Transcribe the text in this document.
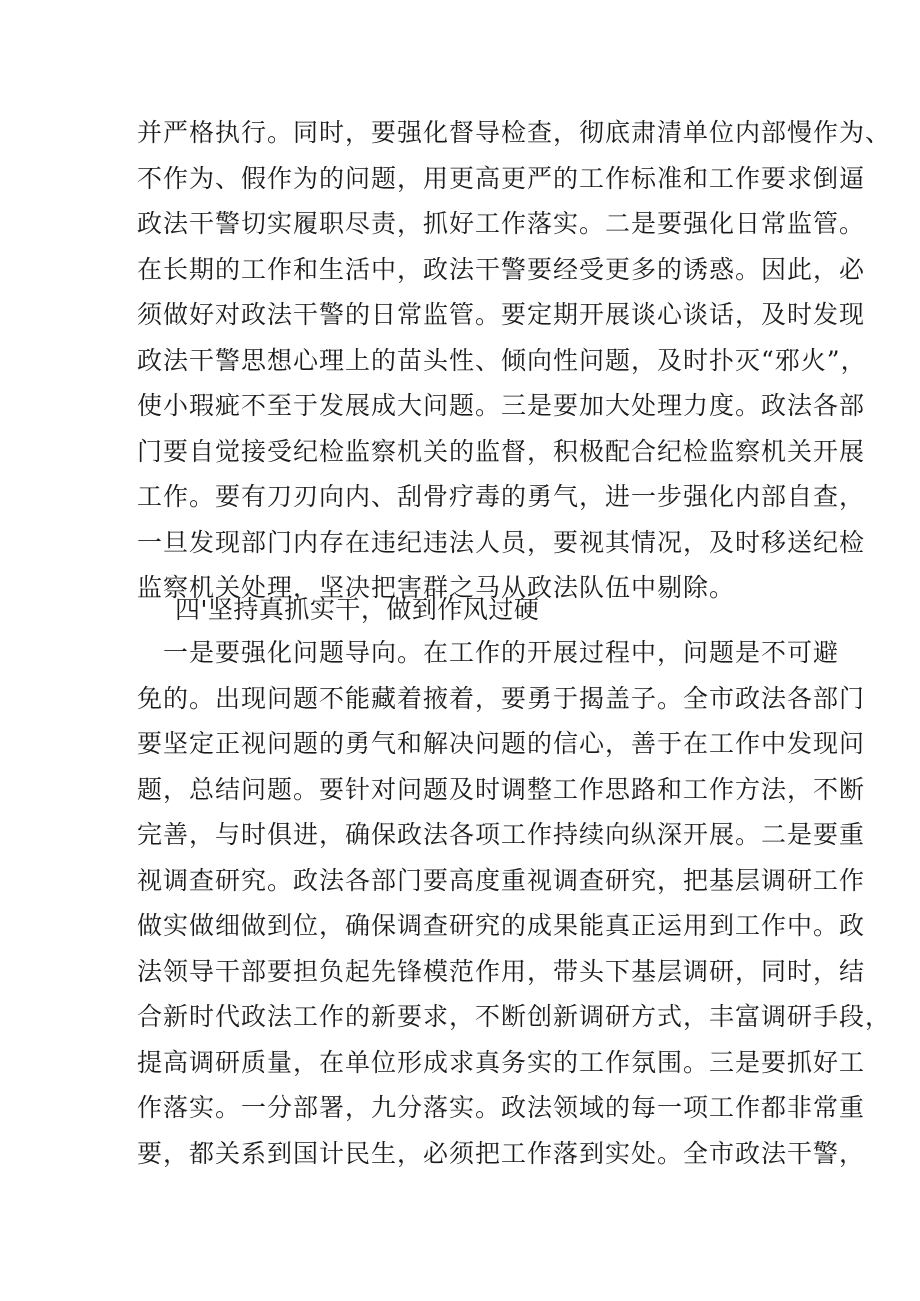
并严格执行。同时，要强化督导检查，彻底肃清单位内部慢作为、
不作为、假作为的问题，用更高更严的工作标准和工作要求倒逼
政法干警切实履职尽责，抓好工作落实。二是要强化日常监管。
在长期的工作和生活中，政法干警要经受更多的诱惑。因此，必
须做好对政法干警的日常监管。要定期开展谈心谈话，及时发现
政法干警思想心理上的苗头性、倾向性问题，及时扑灭“邪火”，
使小瑕疵不至于发展成大问题。三是要加大处理力度。政法各部
门要自觉接受纪检监察机关的监督，积极配合纪检监察机关开展
工作。要有刀刃向内、刮骨疗毒的勇气，进一步强化内部自查，
一旦发现部门内存在违纪违法人员，要视其情况，及时移送纪检
监察机关处理，坚决把害群之马从政法队伍中剔除。
四'坚持真抓实干，做到作风过硬
　一是要强化问题导向。在工作的开展过程中，问题是不可避
免的。出现问题不能藏着掖着，要勇于揭盖子。全市政法各部门
要坚定正视问题的勇气和解决问题的信心，善于在工作中发现问
题，总结问题。要针对问题及时调整工作思路和工作方法，不断
完善，与时俱进，确保政法各项工作持续向纵深开展。二是要重
视调查研究。政法各部门要高度重视调查研究，把基层调研工作
做实做细做到位，确保调查研究的成果能真正运用到工作中。政
法领导干部要担负起先锋模范作用，带头下基层调研，同时，结
合新时代政法工作的新要求，不断创新调研方式，丰富调研手段，
提高调研质量，在单位形成求真务实的工作氛围。三是要抓好工
作落实。一分部署，九分落实。政法领域的每一项工作都非常重
要，都关系到国计民生，必须把工作落到实处。全市政法干警，
